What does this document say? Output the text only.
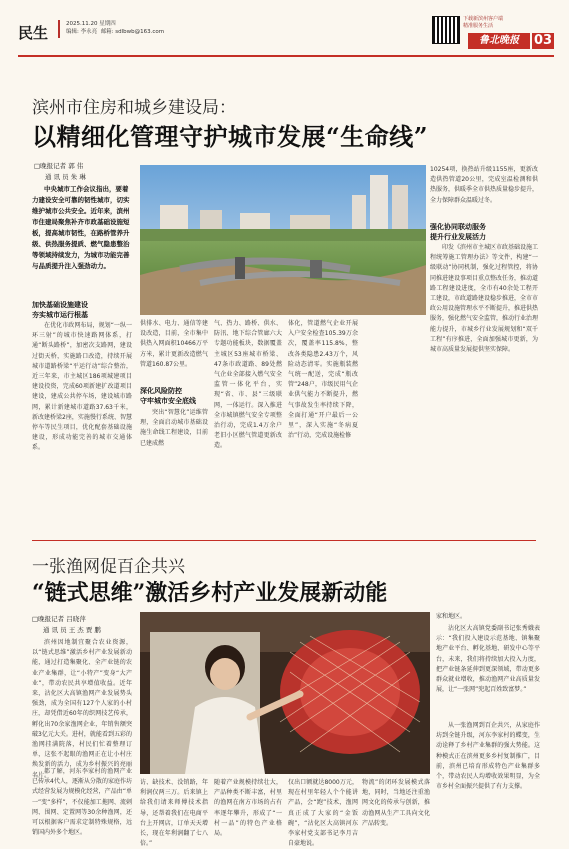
民生	2025.11.20 星期四
编辑: 李永亮 邮箱: sdlbwb@163.com
下载新滨州客户端
精准服务生活
鲁北晚报	03
滨州市住房和城乡建设局：
以精细化管理守护城市发展“生命线”
□晚报记者 郭 伟
通 讯 员 朱 琳
中央城市工作会议指出，要着力建设安全可靠的韧性城市，切实维护城市公共安全。近年来，滨州市住建局聚焦补齐市政基础设施短板，提高城市韧性，在路桥管养升级、供热服务提质、燃气隐患整治等领域持续发力，为城市功能完善与品质提升注入强劲动力。
加快基础设施建设
夯实城市运行根基
在优化市政网布局，规划“一纵一环三射”的城市快速路网体系，打通“断头路桥”，加密次支路网，建设过街天桥，实施路口改造，持续开展城市道路桥梁“平运行动”综合整治，近三年来，市主城区186项城建项目建设投资，完成60项新建扩改道项目建设，建成公共停车场，建设城市路网，累计新建城市道路37.63千米，新改建桥梁2座，实施慢行系统、智慧停车等民生项目，优化配套基础设施建设，形成功能完善的城市交通体系。
供排水、电力、通信等建设改造，目前，全市集中供热入网面积10466万平方米，累计更新改造燃气管道160.87公里。
深化风险防控
守牢城市安全底线
突出“智慧化”运维管理，全面启动城市基础设施生命线工程建设，目前已建成燃
气、热力、路桥、供水、防汛、地下综合管廊六大专题功能板块，数据覆盖主城区53座城市桥梁、47条市政道路、89处燃气企业全部接入燃气安全监管一体化平台，实现“省、市、县”三级联网，一体运行。深入推进全市城镇燃气安全专项整治行动，完成1.4万余户老旧小区燃气管道更新改造。
体化，管道燃气企业开展入户安全检查105.39万余次，覆盖率115.8%，整改各类隐患2.43万个，风险动态清零。实施瓶装燃气统一配送，完成“瓶改管”248户，市级民用气企业供气能力不断提升，燃气事故发生率持续下降，全面打通“开户最后一公里”，深入实施“冬病夏治”行动，完成设施检修
10254项，换热站升级1155座，更新改造供热管道20公里，完成室温检测和供热服务，供暖季全市供热质量稳步提升，全力保障群众温暖过冬。
强化协同联动服务
提升行业发展活力
印发《滨州市主城区市政基础设施工程统筹施工管理办法》等文件，构建“一级联动”协同机制，强化过程管控，将协同推进建设事项目重点整改任务，推动道路工程建设进度，全市有40余处工程开工建设，市政道路建设稳步推进，全市市政公用设施管理水平不断提升，推进供热服务，强化燃气安全监管，推动行业治理能力提升，市城乡行业发展规划和“双千工程”有序推进，全面加强城市更新，为城市高质量发展提供坚实保障。
一张渔网促百企共兴
“链式思维”激活乡村产业发展新动能
□晚报记者 吕晓萍
通 讯 员 王 杰 贾 鹏
滨州因地制宜聚合农业资源，以“链式思维”激活乡村产业发展新动能，通过打造集聚化、全产业链的农业产业集群，让“小特产”变身“大产业”，带动农民共享增值收益。近年来，沾化区大高镇渔网产业发展势头强劲，成为全国有127个人家的小村庄，却凭借近60年的织网技艺传承，孵化出70余家渔网企业，年销售额突破3亿元大关。进村，就能看到五彩的渔网挂满院落，村民们忙着整理订单，这张不起眼的渔网正在让小村庄焕发新的活力，成为乡村振兴的亮丽名片。
都了解，河东李家村的渔网产业已传承4代人，逐渐从分散的家庭作坊式经营发展为规模化经营，产品由“单一”变“多样”，不仅能加工拖网、流刺网、围网、定置网等30余种渔网，还可以根据客户需求定制特殊规格，远销国内外多个地区。
访、缺技术、没销路，年利润仅两三万。后来镇上给我们请来师傅技术指导，还帮着我们在电商平台上开网店，订单天天增长，现在年利润翻了七八倍。”
随着产业规模持续壮大，产品种类不断丰富，村里的渔网在南方市场的占有率逐年攀升，形成了“一村一品”的特色产业格局。
仅出口额就达8000万元，现在村里年轻人个个能讲产品，会“跑”技术，渔网真正成了大家的“金饭碗”，“沾化区大高镇河东李家村党支部书记李月吉自豪地说。
物流”的闭环发展模式落地，同时，当地还注重渔网文化的传承与创新，推动渔网从生产工具向文化产品转变。
家和地区。
沾化区大高镇党委副书记张秀娥表示：“我们投入建设示范基地、镇集聚地产业平台、孵化基地、研发中心等平台，未来，我们将持续加大投入力度，把产业链条延伸到更深领域，带动更多群众就业增收，推动渔网产业高质量发展，让“一张网”兜起百姓致富梦。”
从一张渔网到百企共兴，从家庭作坊到全链升级，河东李家村的蝶变，生动诠释了乡村产业集群的强大势能。这种模式正在滨州更多乡村复制推广，目前，滨州已培育形成特色产业集群多个，带动农民人均增收效果明显，为全市乡村全面振兴提供了有力支撑。
